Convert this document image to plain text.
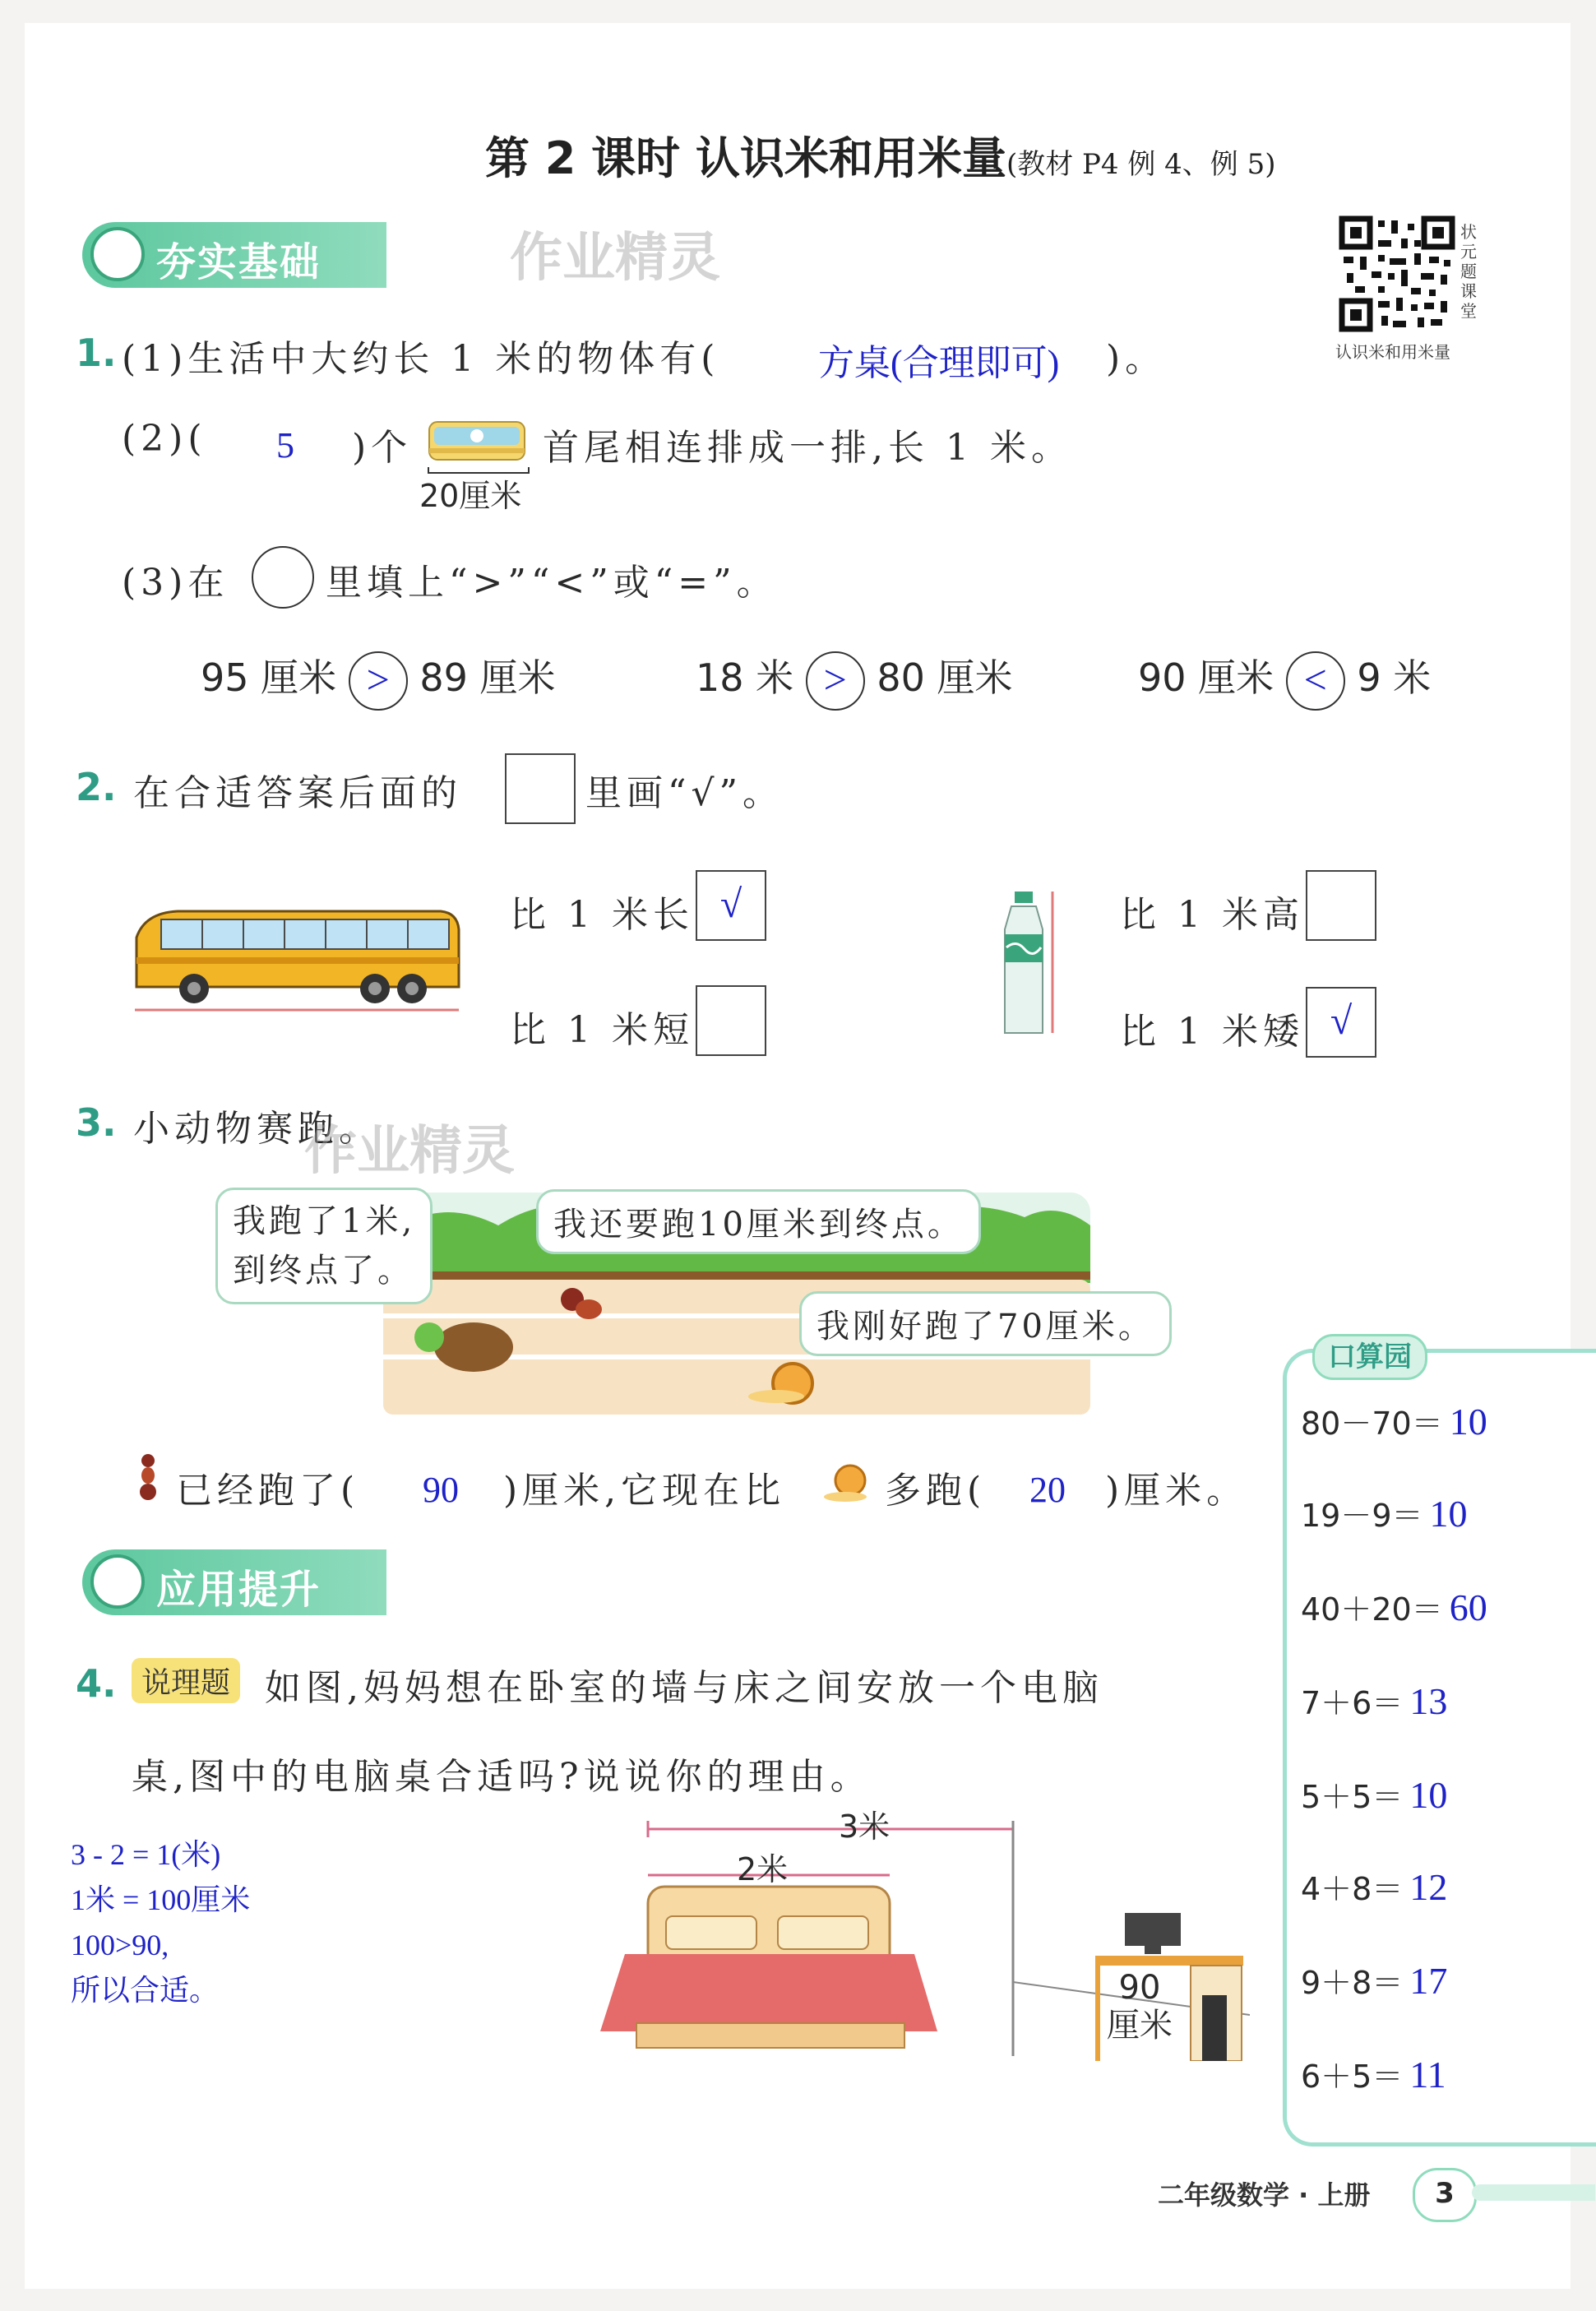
第 2 课时 认识米和用米量(教材 P4 例 4、例 5)
状元题课堂
认识米和用米量
夯实基础	作业精灵
1. (1)生活中大约长 1 米的物体有(	方桌(合理即可) )。
(2)( 5 )个
20厘米
首尾相连排成一排,长 1 米。
(3)在	里填上“>”“<”或“=”。
95 厘米 > 89 厘米	18 米 > 80 厘米	90 厘米 < 9 米
2. 在合适答案后面的	里画“√”。
比 1 米长 √
比 1 米短
比 1 米高
比 1 米矮 √
3. 小动物赛跑。
作业精灵
我跑了1米,
到终点了。
我还要跑10厘米到终点。
我刚好跑了70厘米。
已经跑了( 90 )厘米,它现在比	多跑( 20 )厘米。
应用提升
4. 说理题 如图,妈妈想在卧室的墙与床之间安放一个电脑
桌,图中的电脑桌合适吗?说说你的理由。
3 - 2 = 1(米)
1米 = 100厘米
100>90,
所以合适。
3米
2米
90
厘米
口算园
80－70＝ 10
19－9＝ 10
40＋20＝ 60
7＋6＝ 13
5＋5＝ 10
4＋8＝ 12
9＋8＝ 17
6＋5＝ 11
二年级数学 · 上册	3
